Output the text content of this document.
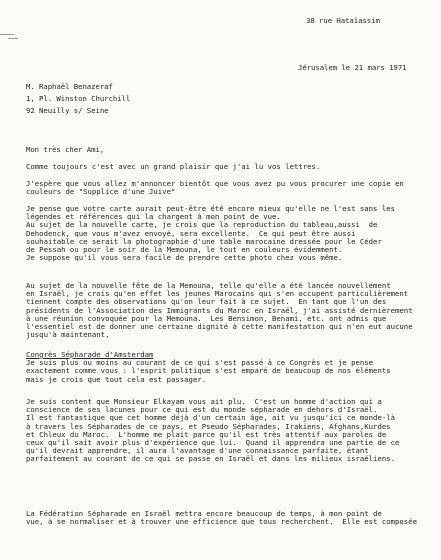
38 rue Hataïassim
Jérusalem le 21 mars 1971
M. Raphaël Benazeraf
1, Pl. Winston Churchill
92 Neuilly s/ Seine
Mon très cher Ami,
Comme toujours c'est avec un grand plaisir que j'ai lu vos lettres.
J'espère que vous allez m'annoncer bientôt que vous avez pu vous procurer une copie en
couleurs de "Supplice d'une Juive"
Je pense que votre carte aurait peut-être été encore mieux qu'elle ne l'est sans les
légendes et références qui la chargent à mon point de vue.
Au sujet de la nouvelle carte, je crois que la reproduction du tableau,aussi  de
Dehodenck, que vous m'avez envoyé, sera excellente.  Ce qui peut être aussi
souhaitable ce serait la photographie d'une table marocaine dressée pour le Céder
de Pessah ou pour le soir de la Memouna, le tout en couleurs évidemment.
Je suppose qu'il vous sera facile de prendre cette photo chez vous même.
Au sujet de la nouvelle fête de la Memouna, telle qu'elle a été lancée nouvellement
en Israël, je crois qu'en effet les jeunes Marocains qui s'en occupent particulièrement
tiennent compte des observations qu'on leur fait à ce sujet.  En tant que l'un des
présidents de l'Association des Immigrants du Maroc en Israël, j'ai assisté dernièrement
à une réunion convoquée pour la Memouna.  Les Bensimon, Benami, etc. ont admis que
l'essentiel est de donner une certaine dignité à cette manifestation qui n'en eut aucune
jusqu'à maintenant,
Congrès Sépharade d'Amsterdam
Je suis plus ou moins au courant de ce qui s'est passé à ce Congrès et je pense
exactement comme vous : l'esprit politique s'est emparé de beaucoup de nos éléments
mais je crois que tout cela est passager.
Je suis content que Monsieur Elkayam vous ait plu.  C'est un homme d'action qui a
conscience de ses lacunes pour ce qui est du monde sépharade en dehors d'Israël.
Il est fantastique que cet homme déjà d'un certain âge, ait vu jusqu'ici ce monde-là
à travers les Sépharades de ce pays, et Pseudo Sépharades, Irakiens, Afghans,Kurdes
et Chleux du Maroc.  L'homme me plait parce qu'il est très attentif aux paroles de
ceux qu'il sait avoir plus d'expérience que lui.  Quand il apprendra une partie de ce
qu'il devrait apprendre, il aura l'avantage d'une connaissance parfaite, étant
parfaitement au courant de ce qui se passe en Israël et dans les milieux israéliens.
La Fédération Sépharade en Israël mettra encore beaucoup de temps, à mon point de
vue, à se normaliser et à trouver une efficience que tous recherchent.  Elle est composée
